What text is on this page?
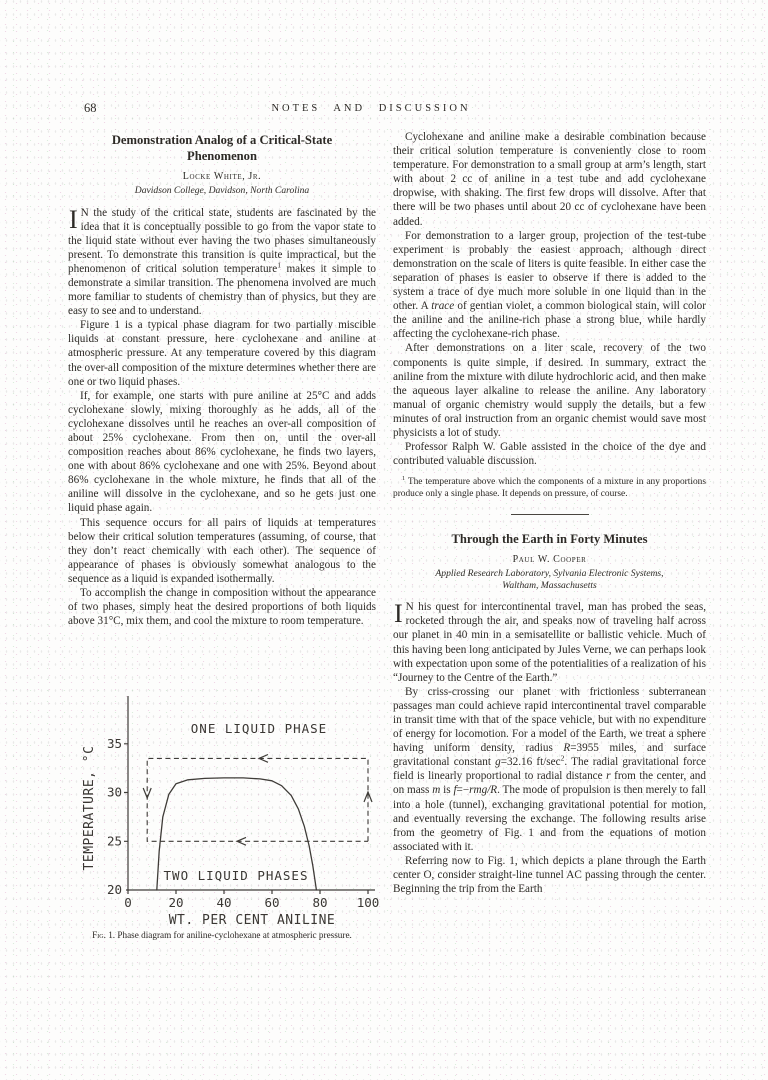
68	NOTES AND DISCUSSION
Demonstration Analog of a Critical-State
Phenomenon
Locke White, Jr.
Davidson College, Davidson, North Carolina

I N the study of the critical state, students are fascinated by the idea that it is conceptually possible to go from the vapor state to the liquid state without ever having the two phases simultaneously present. To demonstrate this transition is quite impractical, but the phenomenon of critical solution temperature$^1$ makes it simple to demonstrate a similar transition. The phenomena involved are much more familiar to students of chemistry than of physics, but they are easy to see and to understand.

Figure 1 is a typical phase diagram for two partially miscible liquids at constant pressure, here cyclohexane and aniline at atmospheric pressure. At any temperature covered by this diagram the over-all composition of the mixture determines whether there are one or two liquid phases.

If, for example, one starts with pure aniline at 25°C and adds cyclohexane slowly, mixing thoroughly as he adds, all of the cyclohexane dissolves until he reaches an over-all composition of about 25% cyclohexane. From then on, until the over-all composition reaches about 86% cyclohexane, he finds two layers, one with about 86% cyclohexane and one with 25%. Beyond about 86% cyclohexane in the whole mixture, he finds that all of the aniline will dissolve in the cyclohexane, and so he gets just one liquid phase again.

This sequence occurs for all pairs of liquids at temperatures below their critical solution temperatures (assuming, of course, that they don’t react chemically with each other). The sequence of appearance of phases is obviously somewhat analogous to the sequence as a liquid is expanded isothermally.

To accomplish the change in composition without the appearance of two phases, simply heat the desired proportions of both liquids above 31°C, mix them, and cool the mixture to room temperature.

ONE LIQUID PHASE
TWO LIQUID PHASES
35
30
25
20
0	20	40	60	80 100
TEMPERATURE, °C
WT. PER CENT ANILINE
Fig. 1. Phase diagram for aniline-cyclohexane at atmospheric pressure.

Cyclohexane and aniline make a desirable combination because their critical solution temperature is conveniently close to room temperature. For demonstration to a small group at arm’s length, start with about 2 cc of aniline in a test tube and add cyclohexane dropwise, with shaking. The first few drops will dissolve. After that there will be two phases until about 20 cc of cyclohexane have been added.

For demonstration to a larger group, projection of the test-tube experiment is probably the easiest approach, although direct demonstration on the scale of liters is quite feasible. In either case the separation of phases is easier to observe if there is added to the system a trace of dye much more soluble in one liquid than in the other. A trace of gentian violet, a common biological stain, will color the aniline and the aniline-rich phase a strong blue, while hardly affecting the cyclohexane-rich phase.

After demonstrations on a liter scale, recovery of the two components is quite simple, if desired. In summary, extract the aniline from the mixture with dilute hydrochloric acid, and then make the aqueous layer alkaline to release the aniline. Any laboratory manual of organic chemistry would supply the details, but a few minutes of oral instruction from an organic chemist would save most physicists a lot of study.

Professor Ralph W. Gable assisted in the choice of the dye and contributed valuable discussion.

$^1$ The temperature above which the components of a mixture in any proportions produce only a single phase. It depends on pressure, of course.

Through the Earth in Forty Minutes
Paul W. Cooper
Applied Research Laboratory, Sylvania Electronic Systems,
Waltham, Massachusetts

I N his quest for intercontinental travel, man has probed the seas, rocketed through the air, and speaks now of traveling half across our planet in 40 min in a semisatellite or ballistic vehicle. Much of this having been long anticipated by Jules Verne, we can perhaps look with expectation upon some of the potentialities of a realization of his “Journey to the Centre of the Earth.”

By criss-crossing our planet with frictionless subterranean passages man could achieve rapid intercontinental travel comparable in transit time with that of the space vehicle, but with no expenditure of energy for locomotion. For a model of the Earth, we treat a sphere having uniform density, radius R=3955 miles, and surface gravitational constant g=32.16 $ft/\sec^2$. The radial gravitational force field is linearly proportional to radial distance r from the center, and on mass m is f=−rmg/R. The mode of propulsion is then merely to fall into a hole (tunnel), exchanging gravitational potential for motion, and eventually reversing the exchange. The following results arise from the geometry of Fig. 1 and from the equations of motion associated with it.

Referring now to Fig. 1, which depicts a plane through the Earth center O, consider straight-line tunnel AC passing through the center. Beginning the trip from the Earth
